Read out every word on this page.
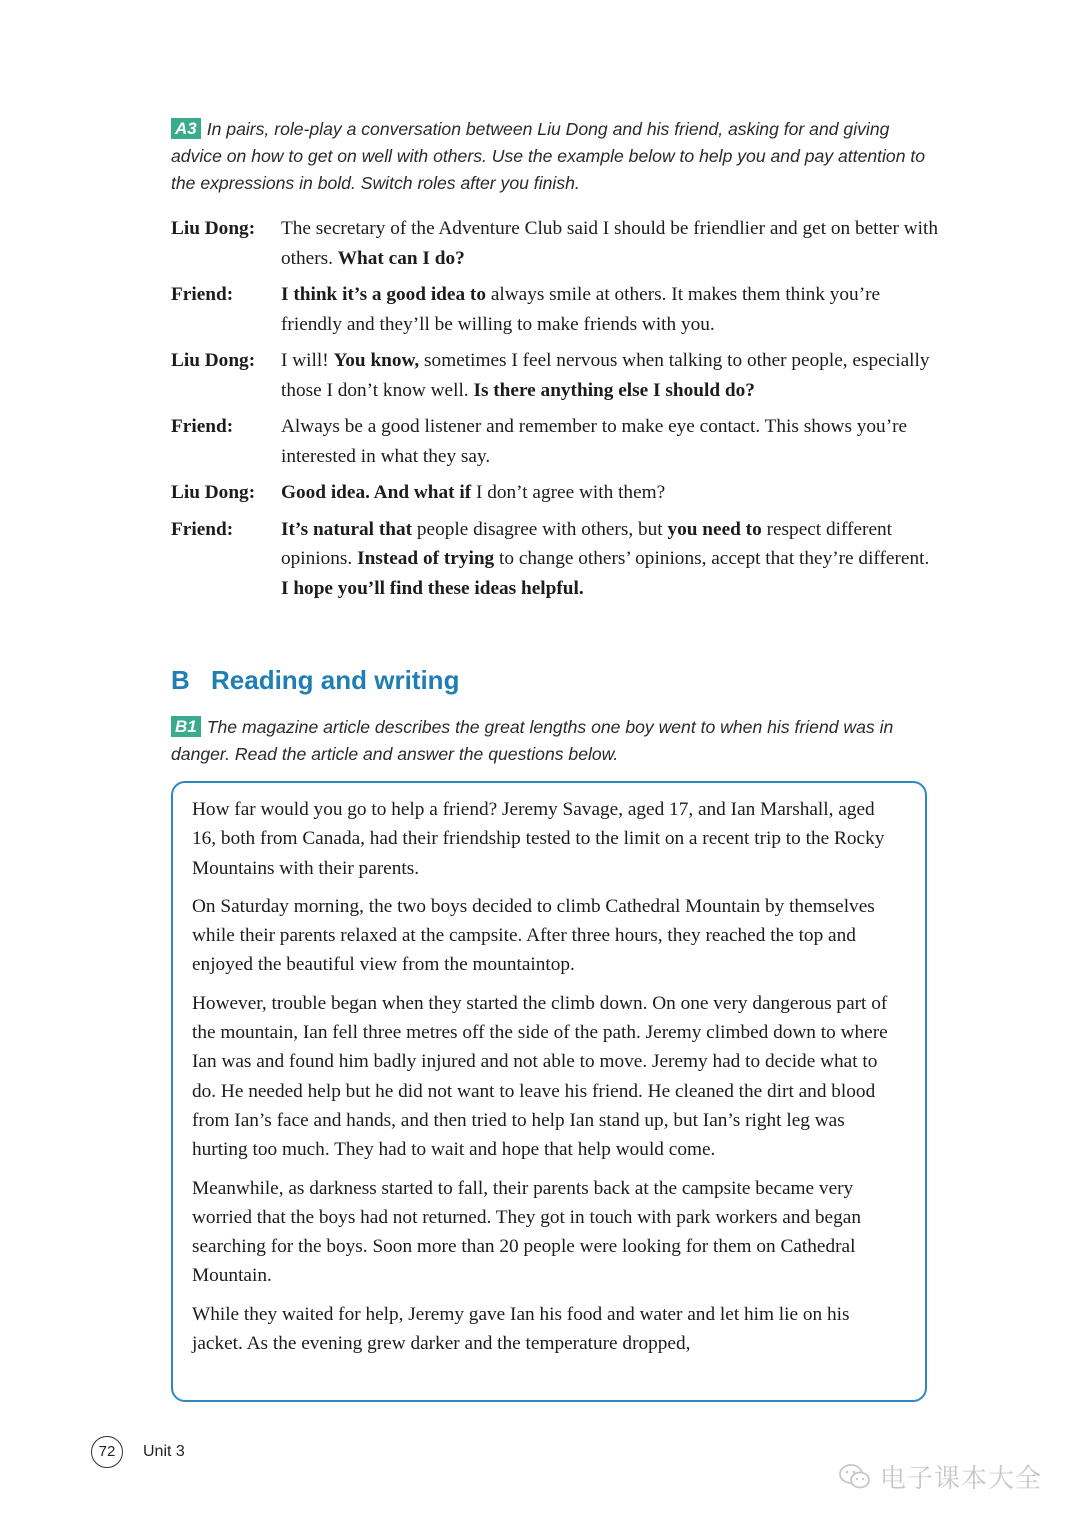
A3 In pairs, role-play a conversation between Liu Dong and his friend, asking for and giving advice on how to get on well with others. Use the example below to help you and pay attention to the expressions in bold. Switch roles after you finish.
Liu Dong:	The secretary of the Adventure Club said I should be friendlier and get on better with others. What can I do?
Friend:	I think it’s a good idea to always smile at others. It makes them think you’re friendly and they’ll be willing to make friends with you.
Liu Dong:	I will! You know, sometimes I feel nervous when talking to other people, especially those I don’t know well. Is there anything else I should do?
Friend:	Always be a good listener and remember to make eye contact. This shows you’re interested in what they say.
Liu Dong:	Good idea. And what if I don’t agree with them?
Friend:	It’s natural that people disagree with others, but you need to respect different opinions. Instead of trying to change others’ opinions, accept that they’re different. I hope you’ll find these ideas helpful.
B Reading and writing
B1 The magazine article describes the great lengths one boy went to when his friend was in danger. Read the article and answer the questions below.

How far would you go to help a friend? Jeremy Savage, aged 17, and Ian Marshall, aged 16, both from Canada, had their friendship tested to the limit on a recent trip to the Rocky Mountains with their parents.

On Saturday morning, the two boys decided to climb Cathedral Mountain by themselves while their parents relaxed at the campsite. After three hours, they reached the top and enjoyed the beautiful view from the mountaintop.

However, trouble began when they started the climb down. On one very dangerous part of the mountain, Ian fell three metres off the side of the path. Jeremy climbed down to where Ian was and found him badly injured and not able to move. Jeremy had to decide what to do. He needed help but he did not want to leave his friend. He cleaned the dirt and blood from Ian’s face and hands, and then tried to help Ian stand up, but Ian’s right leg was hurting too much. They had to wait and hope that help would come.

Meanwhile, as darkness started to fall, their parents back at the campsite became very worried that the boys had not returned. They got in touch with park workers and began searching for the boys. Soon more than 20 people were looking for them on Cathedral Mountain.

While they waited for help, Jeremy gave Ian his food and water and let him lie on his jacket. As the evening grew darker and the temperature dropped,

72	Unit 3
电子课本大全
